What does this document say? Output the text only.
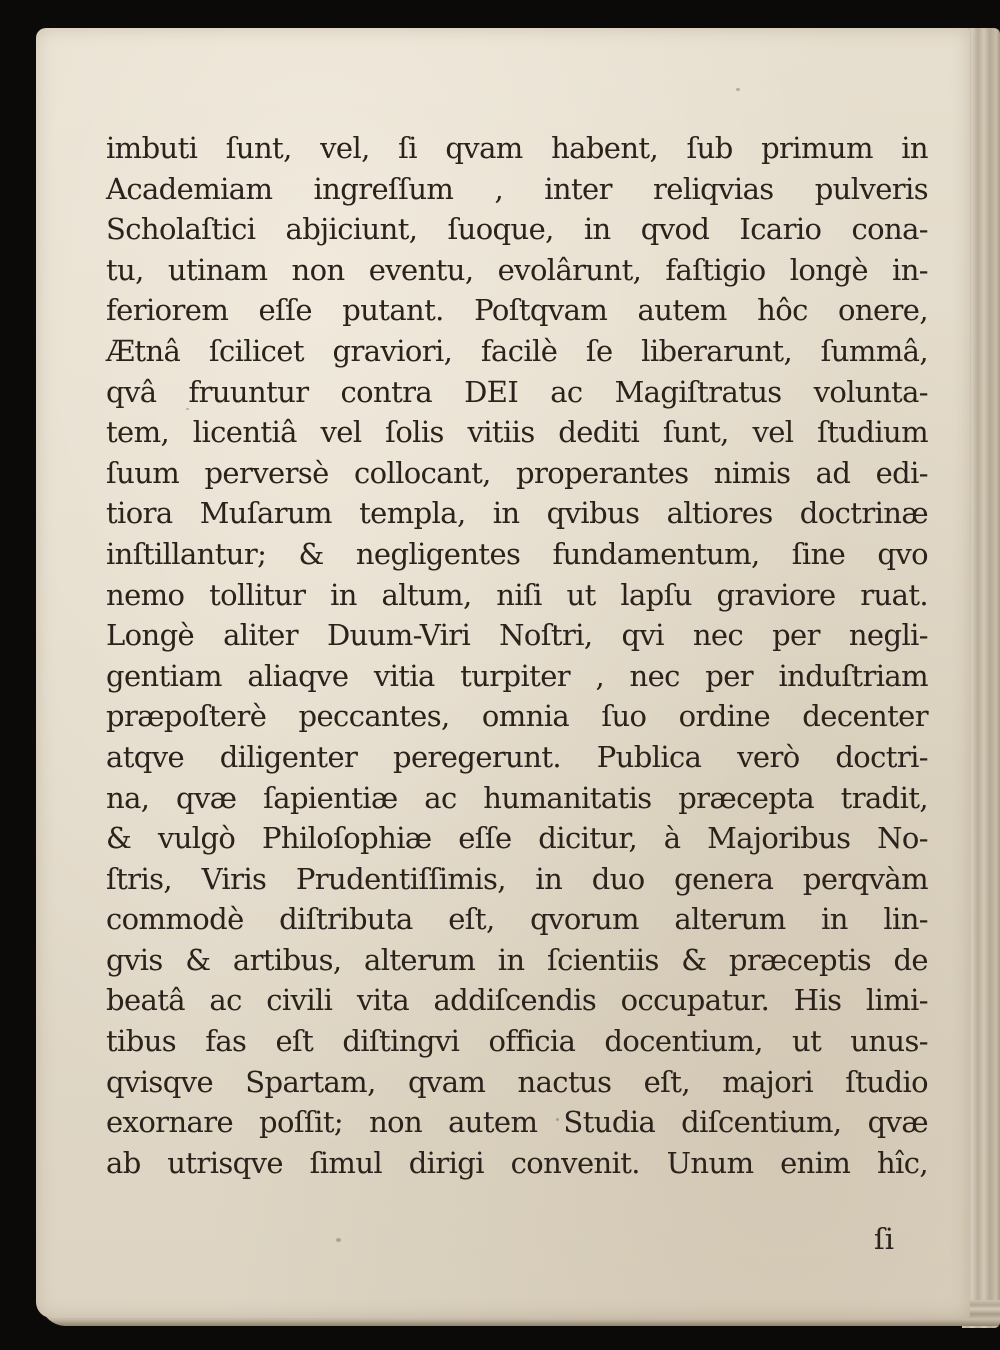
imbuti ſunt, vel, ſi qvam habent, ſub primum in
Academiam ingreſſum , inter reliqvias pulveris
Scholaſtici abjiciunt, ſuoque, in qvod Icario cona-
tu, utinam non eventu, evolârunt, faſtigio longè in-
feriorem eſſe putant. Poſtqvam autem hôc onere,
Ætnâ ſcilicet graviori, facilè ſe liberarunt, ſummâ,
qvâ fruuntur contra DEI ac Magiſtratus volunta-
tem, licentiâ vel ſolis vitiis dediti ſunt, vel ſtudium
ſuum perversè collocant, properantes nimis ad edi-
tiora Muſarum templa, in qvibus altiores doctrinæ
inſtillantur; & negligentes fundamentum, ſine qvo
nemo tollitur in altum, niſi ut lapſu graviore ruat.
Longè aliter Duum-Viri Noſtri, qvi nec per negli-
gentiam aliaqve vitia turpiter , nec per induſtriam
præpoſterè peccantes, omnia ſuo ordine decenter
atqve diligenter peregerunt. Publica verò doctri-
na, qvæ ſapientiæ ac humanitatis præcepta tradit,
& vulgò Philoſophiæ eſſe dicitur, à Majoribus No-
ſtris, Viris Prudentiſſimis, in duo genera perqvàm
commodè diſtributa eſt, qvorum alterum in lin-
gvis & artibus, alterum in ſcientiis & præceptis de
beatâ ac civili vita addiſcendis occupatur. His limi-
tibus fas eſt diſtingvi officia docentium, ut unus-
qvisqve Spartam, qvam nactus eſt, majori ſtudio
exornare poſſit; non autem Studia diſcentium, qvæ
ab utrisqve ſimul dirigi convenit. Unum enim hîc,
ſi
